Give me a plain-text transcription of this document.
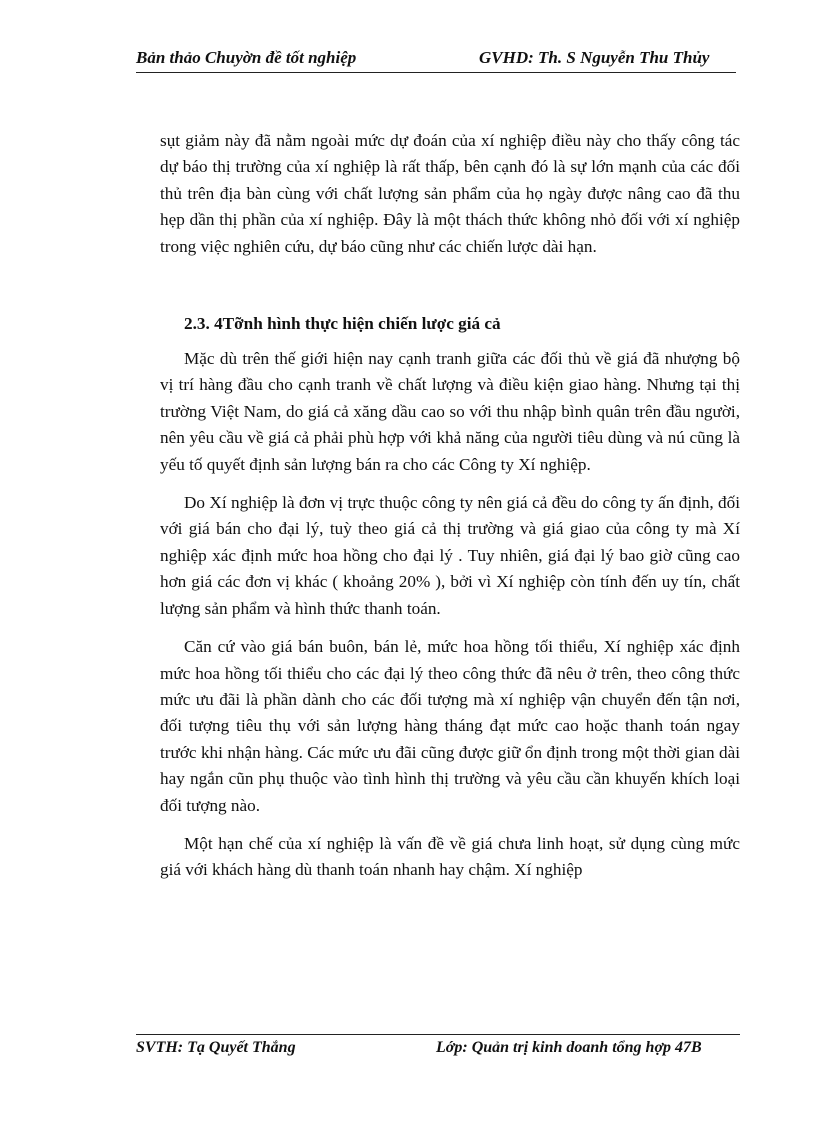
Bản thảo Chuyờn đề tốt nghiệp	GVHD: Th. S Nguyễn Thu Thủy

sụt giảm này đã nằm ngoài mức dự đoán của xí nghiệp điều này cho thấy công tác dự báo thị trường của xí nghiệp là rất thấp, bên cạnh đó là sự lớn mạnh của các đối thủ trên địa bàn cùng với chất lượng sản phẩm của họ ngày được nâng cao đã thu hẹp dần thị phần của xí nghiệp. Đây là một thách thức không nhỏ đối với xí nghiệp trong việc nghiên cứu, dự báo cũng như các chiến lược dài hạn.

2.3. 4Tỡnh hình thực hiện chiến lược giá cả

Mặc dù trên thế giới hiện nay cạnh tranh giữa các đối thủ về giá đã nhượng bộ vị trí hàng đầu cho cạnh tranh về chất lượng và điều kiện giao hàng. Nhưng tại thị trường Việt Nam, do giá cả xăng dầu cao so với thu nhập bình quân trên đầu người, nên yêu cầu về giá cả phải phù hợp với khả năng của người tiêu dùng và nú cũng là yếu tố quyết định sản lượng bán ra cho các Công ty Xí nghiệp.

Do Xí nghiệp là đơn vị trực thuộc công ty nên giá cả đều do công ty ấn định, đối với giá bán cho đại lý, tuỳ theo giá cả thị trường và giá giao của công ty mà Xí nghiệp xác định mức hoa hồng cho đại lý . Tuy nhiên, giá đại lý bao giờ cũng cao hơn giá các đơn vị khác ( khoảng 20% ), bởi vì Xí nghiệp còn tính đến uy tín, chất lượng sản phẩm và hình thức thanh toán.

Căn cứ vào giá bán buôn, bán lẻ, mức hoa hồng tối thiểu, Xí nghiệp xác định mức hoa hồng tối thiểu cho các đại lý theo công thức đã nêu ở trên, theo công thức mức ưu đãi là phần dành cho các đối tượng mà xí nghiệp vận chuyển đến tận nơi, đối tượng tiêu thụ với sản lượng hàng tháng đạt mức cao hoặc thanh toán ngay trước khi nhận hàng. Các mức ưu đãi cũng được giữ ổn định trong một thời gian dài hay ngắn cũn phụ thuộc vào tình hình thị trường và yêu cầu cần khuyến khích loại đối tượng nào.

Một hạn chế của xí nghiệp là vấn đề về giá chưa linh hoạt, sử dụng cùng mức giá với khách hàng dù thanh toán nhanh hay chậm. Xí nghiệp

SVTH: Tạ Quyết Thắng	Lớp: Quản trị kinh doanh tổng hợp 47B
